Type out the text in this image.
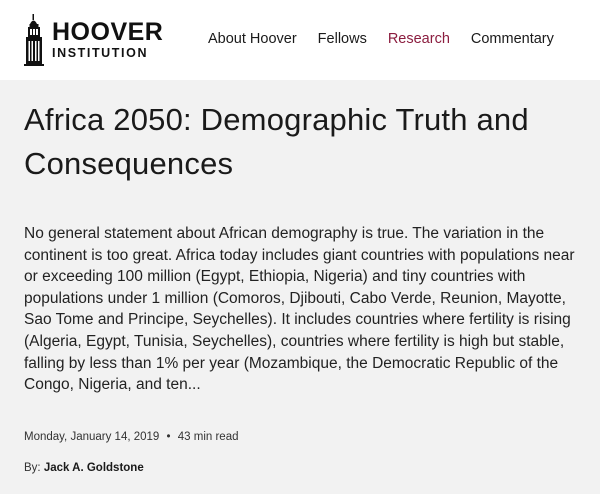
HOOVER
INSTITUTION
About Hoover Fellows Research Commentary
Africa 2050: Demographic Truth and Consequences

No general statement about African demography is true. The variation in the continent is too great. Africa today includes giant countries with populations near or exceeding 100 million (Egypt, Ethiopia, Nigeria) and tiny countries with populations under 1 million (Comoros, Djibouti, Cabo Verde, Reunion, Mayotte, Sao Tome and Principe, Seychelles). It includes countries where fertility is rising (Algeria, Egypt, Tunisia, Seychelles), countries where fertility is high but stable, falling by less than 1% per year (Mozambique, the Democratic Republic of the Congo, Nigeria, and ten...

Monday, January 14, 2019 • 43 min read
By: Jack A. Goldstone
